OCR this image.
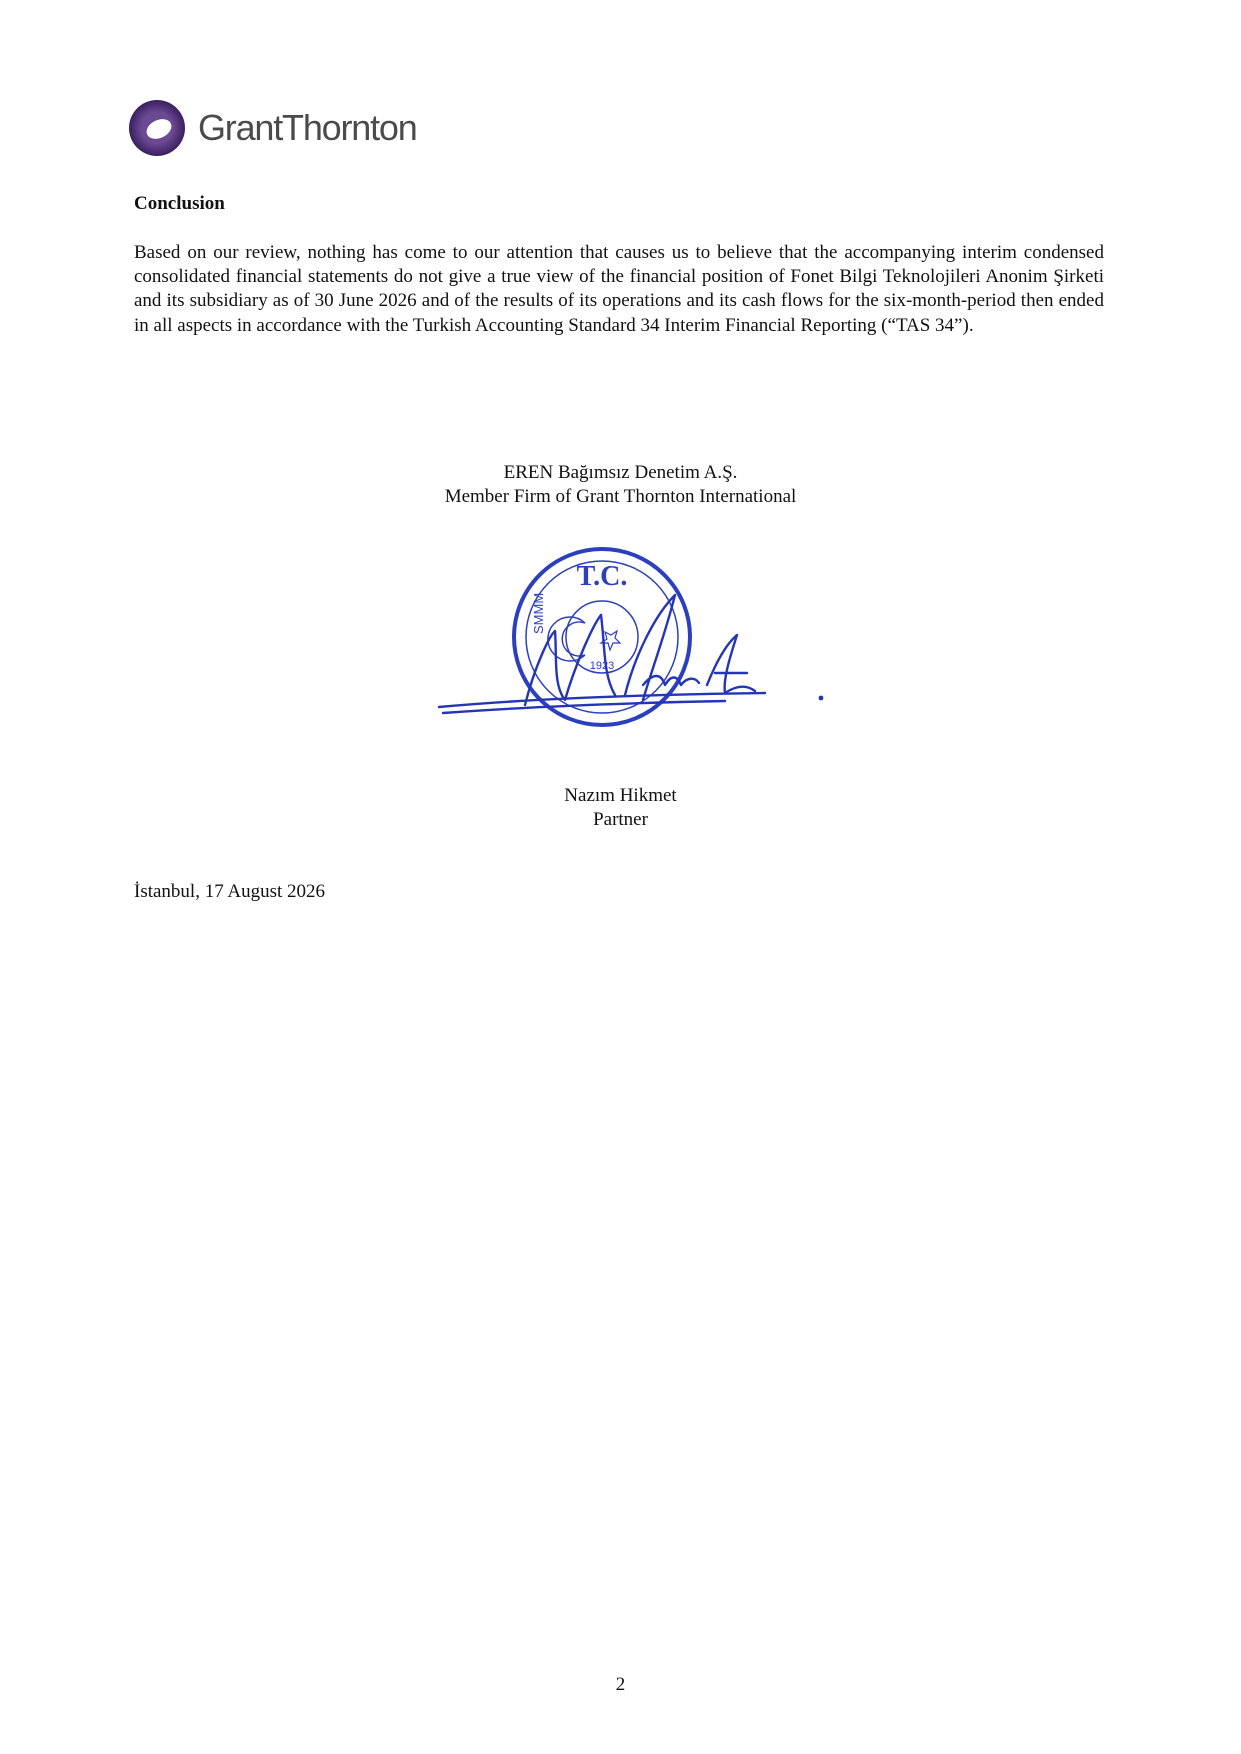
GrantThornton
Conclusion

Based on our review, nothing has come to our attention that causes us to believe that the accompanying interim condensed consolidated financial statements do not give a true view of the financial position of Fonet Bilgi Teknolojileri Anonim Şirketi and its subsidiary as of 30 June 2026 and of the results of its operations and its cash flows for the six-month-period then ended in all aspects in accordance with the Turkish Accounting Standard 34 Interim Financial Reporting (“TAS 34”).

EREN Bağımsız Denetim A.Ş.
Member Firm of Grant Thornton International
T.C.
SMMM
1923
Nazım Hikmet
Partner
İstanbul, 17 August 2026
2
